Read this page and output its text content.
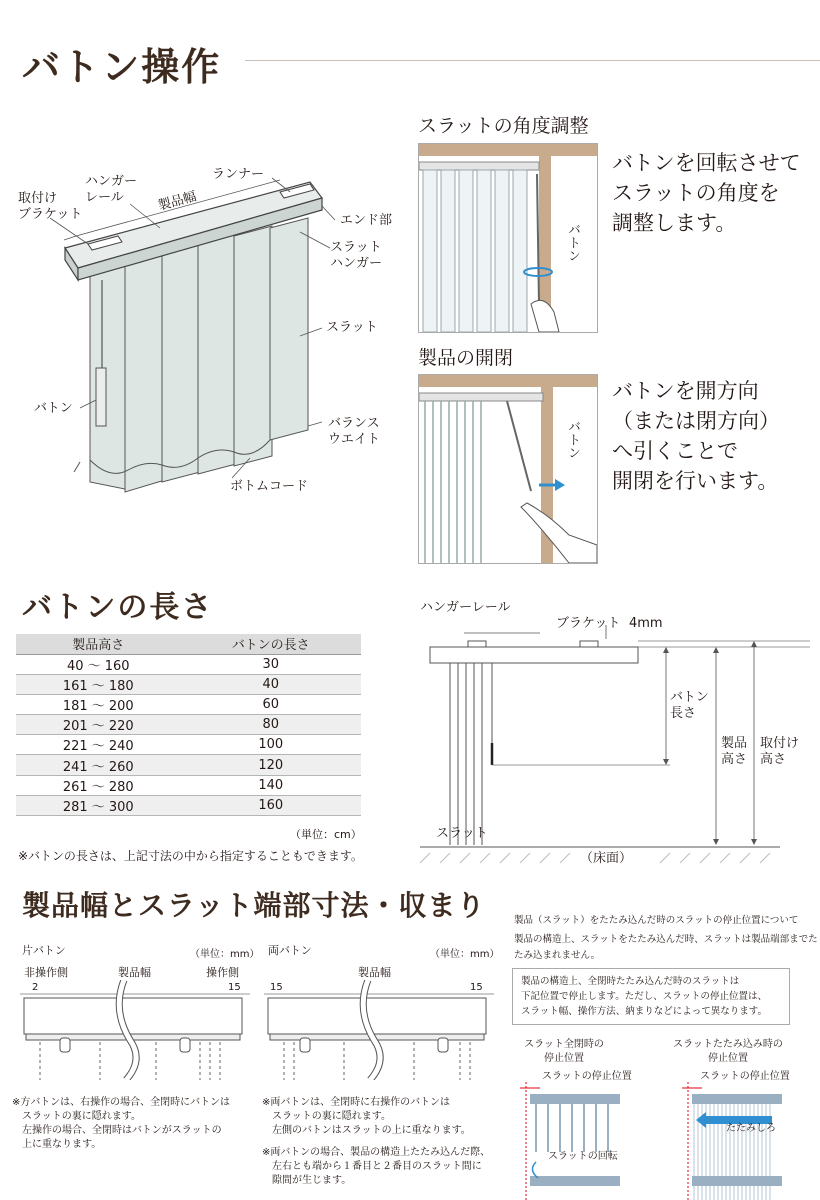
バトン操作
取付け
ブラケット
ハンガー
レール	製品幅
ランナー
エンド部
スラット
ハンガー
スラット
バトン
バランス
ウエイト
ボトムコード
スラットの角度調整
バトン
バトンを回転させて
スラットの角度を
調整します。
製品の開閉
バトン
バトンを開方向
（または閉方向）
へ引くことで
開閉を行います。
バトンの長さ
製品高さ	バトンの長さ
40 ～ 160	30
161 ～ 180	40
181 ～ 200	60
201 ～ 220	80
221 ～ 240	100
241 ～ 260	120
261 ～ 280	140
281 ～ 300	160
（単位：cm）
※バトンの長さは、上記寸法の中から指定することもできます。
ハンガーレール
ブラケット 4mm
バトン
長さ
製品
高さ
取付け
高さ
スラット
（床面）
製品幅とスラット端部寸法・収まり
片バトン	（単位：mm）
非操作側	製品幅	操作側
2	15
※方バトンは、右操作の場合、全閉時にバトンは
　スラットの裏に隠れます。
　左操作の場合、全閉時はバトンがスラットの
　上に重なります。
両バトン	（単位：mm）
製品幅
15	15
※両バトンは、全閉時に右操作のバトンは
　スラットの裏に隠れます。
　左側のバトンはスラットの上に重なります。
※両バトンの場合、製品の構造上たたみ込んだ際、
　左右とも端から１番目と２番目のスラット間に
　隙間が生じます。
製品（スラット）をたたみ込んだ時のスラットの停止位置について
製品の構造上、スラットをたたみ込んだ時、スラットは製品端部までた
たみ込まれません。
製品の構造上、全閉時たたみ込んだ時のスラットは
下記位置で停止します。ただし、スラットの停止位置は、
スラット幅、操作方法、納まりなどによって異なります。
スラット全閉時の
停止位置
スラットたたみ込み時の
停止位置
スラットの停止位置	スラットの停止位置
スラットの回転
たたみしろ
